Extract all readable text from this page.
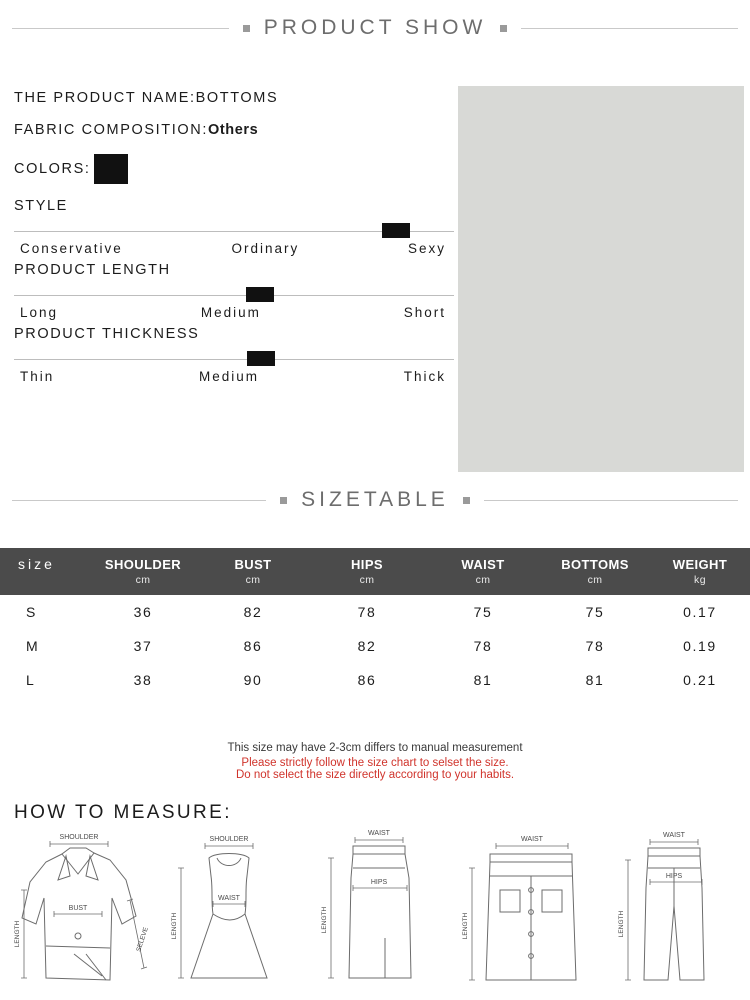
PRODUCT SHOW
THE PRODUCT NAME:BOTTOMS
FABRIC COMPOSITION:Others
COLORS:
STYLE
Conservative	Ordinary	Sexy
PRODUCT LENGTH
Long	Medium	Short
PRODUCT THICKNESS
Thin	Medium	Thick
SIZETABLE
size	SHOULDER	BUST	HIPS	WAIST	BOTTOMS	WEIGHT
	cm	cm	cm	cm	cm	kg
S	36	82	78	75	75	0.17
M	37	86	82	78	78	0.19
L	38	90	86	81	81	0.21
This size may have 2-3cm differs to manual measurement
Please strictly follow the size chart to selset the size.
Do not select the size directly according to your habits.
HOW TO MEASURE:
SHOULDER
BUST
LENGTH	SELEVE
SHOULDER
WAIST
LENGTH
WAIST
HIPS
LENGTH
WAIST
LENGTH
WAIST
HIPS
LENGTH
